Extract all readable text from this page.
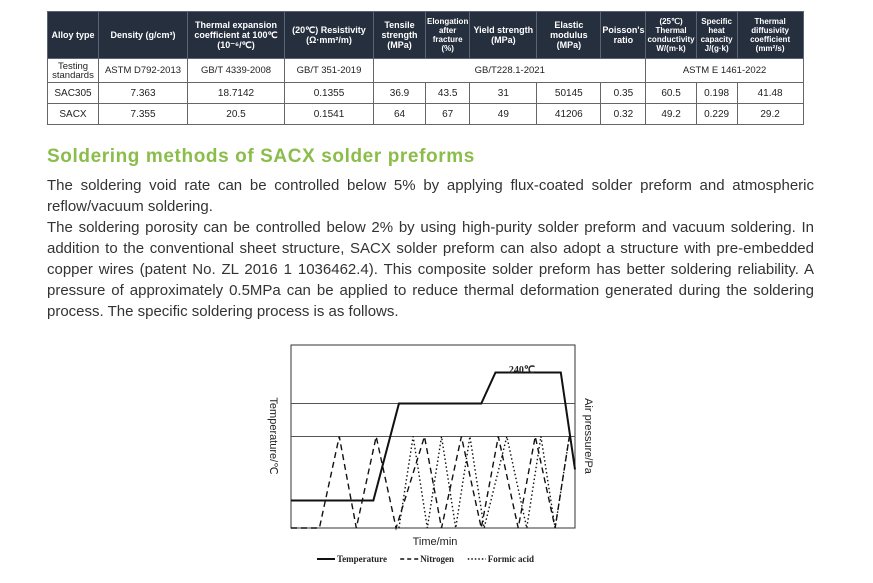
Alloy type	Density (g/cm³)	Thermal expansion coefficient at 100℃ (10⁻⁶/℃)	(20℃) Resistivity (Ω·mm²/m)	Tensile strength (MPa)	Elongation after fracture (%)	Yield strength (MPa)	Elastic modulus (MPa)	Poisson's ratio	(25℃) Thermal conductivity W/(m·k)	Specific heat capacity J/(g·k)	Thermal diffusivity coefficient (mm²/s)
Testing standards	ASTM D792-2013	GB/T 4339-2008	GB/T 351-2019	GB/T228.1-2021					ASTM E 1461-2022		
SAC305	7.363	18.7142	0.1355	36.9	43.5	31	50145	0.35	60.5	0.198	41.48
SACX	7.355	20.5	0.1541	64	67	49	41206	0.32	49.2	0.229	29.2
Soldering methods of SACX solder preforms

The soldering void rate can be controlled below 5% by applying flux-coated solder preform and atmospheric reflow/vacuum soldering.

The soldering porosity can be controlled below 2% by using high-purity solder preform and vacuum soldering. In addition to the conventional sheet structure, SACX solder preform can also adopt a structure with pre-embedded copper wires (patent No. ZL 2016 1 1036462.4). This composite solder preform has better soldering reliability. A pressure of approximately 0.5MPa can be applied to reduce thermal deformation generated during the soldering process. The specific soldering process is as follows.

240℃
Temperature/℃	Air pressure/Pa
Time/min
Temperature	Nitrogen	Formic acid
